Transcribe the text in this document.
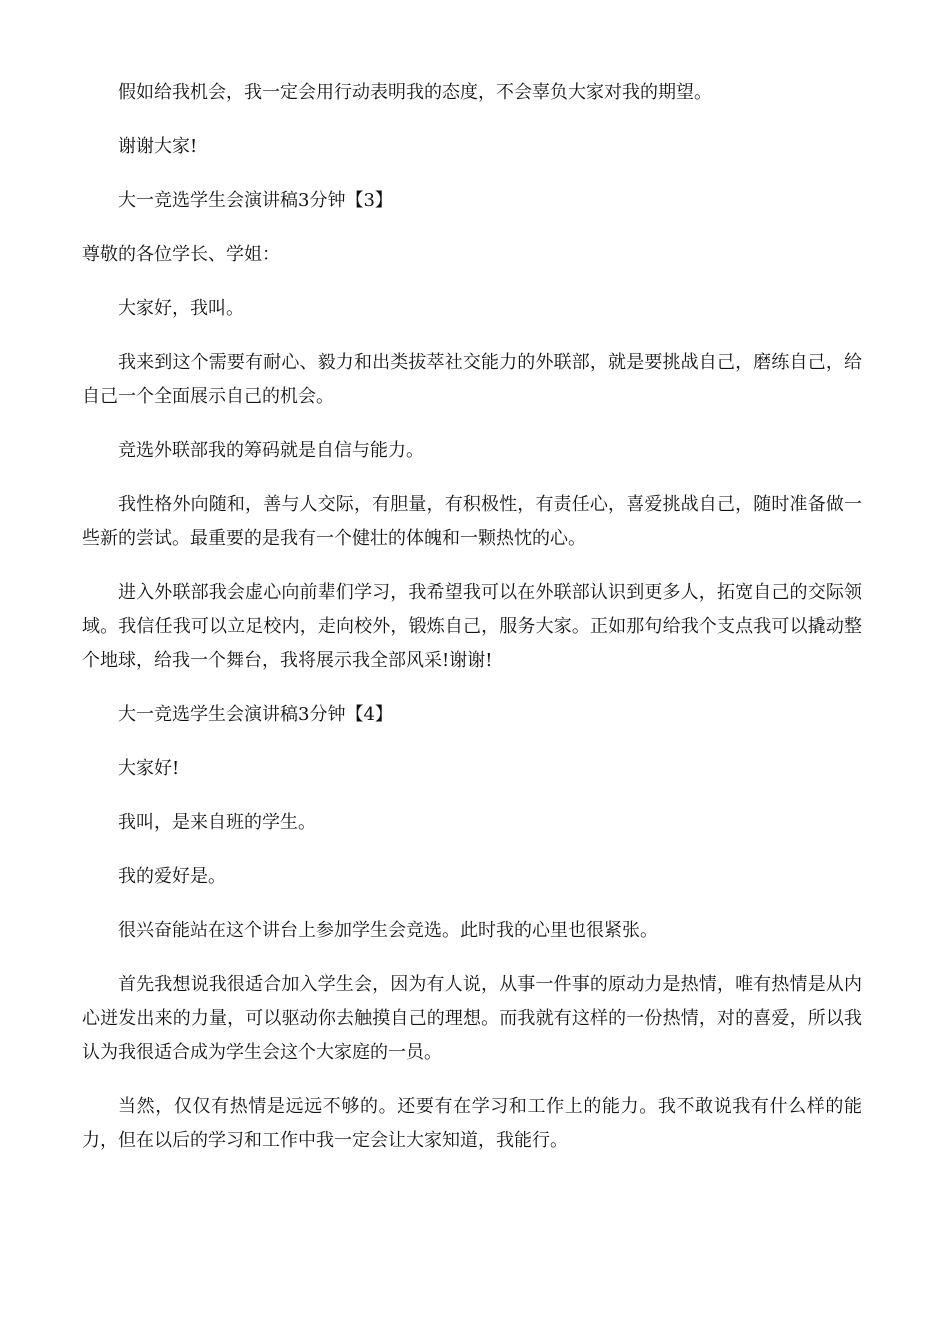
假如给我机会，我一定会用行动表明我的态度，不会辜负大家对我的期望。

谢谢大家!

大一竞选学生会演讲稿3分钟【3】

尊敬的各位学长、学姐：

大家好，我叫。

我来到这个需要有耐心、毅力和出类拔萃社交能力的外联部，就是要挑战自己，磨练自己，给自己一个全面展示自己的机会。

竞选外联部我的筹码就是自信与能力。

我性格外向随和，善与人交际，有胆量，有积极性，有责任心，喜爱挑战自己，随时准备做一些新的尝试。最重要的是我有一个健壮的体魄和一颗热忱的心。

进入外联部我会虚心向前辈们学习，我希望我可以在外联部认识到更多人，拓宽自己的交际领域。我信任我可以立足校内，走向校外，锻炼自己，服务大家。正如那句给我个支点我可以撬动整个地球，给我一个舞台，我将展示我全部风采!谢谢!

大一竞选学生会演讲稿3分钟【4】

大家好!

我叫，是来自班的学生。

我的爱好是。

很兴奋能站在这个讲台上参加学生会竞选。此时我的心里也很紧张。

首先我想说我很适合加入学生会，因为有人说，从事一件事的原动力是热情，唯有热情是从内心迸发出来的力量，可以驱动你去触摸自己的理想。而我就有这样的一份热情，对的喜爱，所以我认为我很适合成为学生会这个大家庭的一员。

当然，仅仅有热情是远远不够的。还要有在学习和工作上的能力。我不敢说我有什么样的能力，但在以后的学习和工作中我一定会让大家知道，我能行。
